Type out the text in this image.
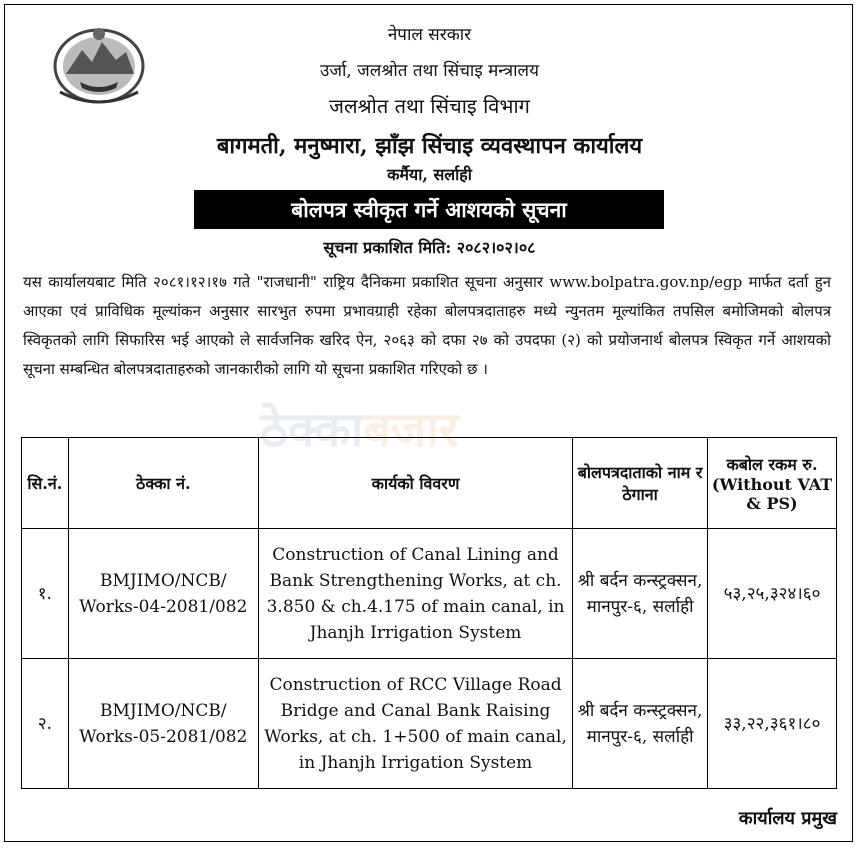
नेपाल सरकार
उर्जा, जलश्रोत तथा सिंचाइ मन्त्रालय
जलश्रोत तथा सिंचाइ विभाग
बागमती, मनुष्मारा, झाँझ सिंचाइ व्यवस्थापन कार्यालय
कर्मैया, सर्लाही
बोलपत्र स्वीकृत गर्ने आशयको सूचना
सूचना प्रकाशित मिति: २०८२।०२।०८
यस कार्यालयबाट मिति २०८१।१२।१७ गते "राजधानी" राष्ट्रिय दैनिकमा प्रकाशित सूचना अनुसार www.bolpatra.gov.np/egp मार्फत दर्ता हुन आएका एवं प्राविधिक मूल्यांकन अनुसार सारभुत रुपमा प्रभावग्राही रहेका बोलपत्रदाताहरु मध्ये न्युनतम मूल्यांकित तपसिल बमोजिमको बोलपत्र स्विकृतको लागि सिफारिस भई आएको ले सार्वजनिक खरिद ऐन, २०६३ को दफा २७ को उपदफा (२) को प्रयोजनार्थ बोलपत्र स्विकृत गर्ने आशयको सूचना सम्बन्धित बोलपत्रदाताहरुको जानकारीको लागि यो सूचना प्रकाशित गरिएको छ ।
ठेक्काबजार
सि.नं.	ठेक्का नं.	कार्यको विवरण	बोलपत्रदाताको नाम र ठेगाना	कबोल रकम रु.(Without VAT & PS)
१.	BMJIMO/NCB/ Works-04-2081/082	Construction of Canal Lining and Bank Strengthening Works, at ch. 3.850 & ch.4.175 of main canal, in Jhanjh Irrigation System	श्री बर्दन कन्स्ट्रक्सन, मानपुर-६, सर्लाही	५३,२५,३२४।६०
२.	BMJIMO/NCB/ Works-05-2081/082	Construction of RCC Village Road Bridge and Canal Bank Raising Works, at ch. 1+500 of main canal, in Jhanjh Irrigation System	श्री बर्दन कन्स्ट्रक्सन, मानपुर-६, सर्लाही	३३,२२,३६१।८०
कार्यालय प्रमुख
